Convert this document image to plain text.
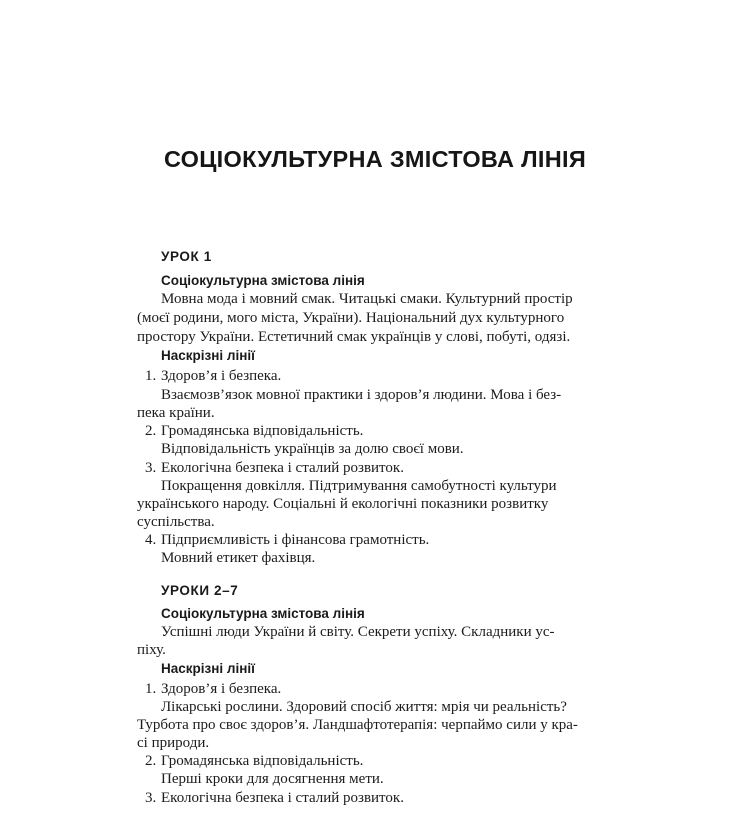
СОЦІОКУЛЬТУРНА ЗМІСТОВА ЛІНІЯ
УРОК 1
Соціокультурна змістова лінія
Мовна мода і мовний смак. Читацькі смаки. Культурний простір
(моєї родини, мого міста, України). Національний дух культурного
простору України. Естетичний смак українців у слові, побуті, одязі.
Наскрізні лінії
1. Здоров’я і безпека.
Взаємозв’язок мовної практики і здоров’я людини. Мова і без-
пека країни.
2. Громадянська відповідальність.
Відповідальність українців за долю своєї мови.
3. Екологічна безпека і сталий розвиток.
Покращення довкілля. Підтримування самобутності культури
українського народу. Соціальні й екологічні показники розвитку
суспільства.
4. Підприємливість і фінансова грамотність.
Мовний етикет фахівця.
УРОКИ 2–7
Соціокультурна змістова лінія
Успішні люди України й світу. Секрети успіху. Складники ус-
піху.
Наскрізні лінії
1. Здоров’я і безпека.
Лікарські рослини. Здоровий спосіб життя: мрія чи реальність?
Турбота про своє здоров’я. Ландшафтотерапія: черпаймо сили у кра-
сі природи.
2. Громадянська відповідальність.
Перші кроки для досягнення мети.
3. Екологічна безпека і сталий розвиток.
